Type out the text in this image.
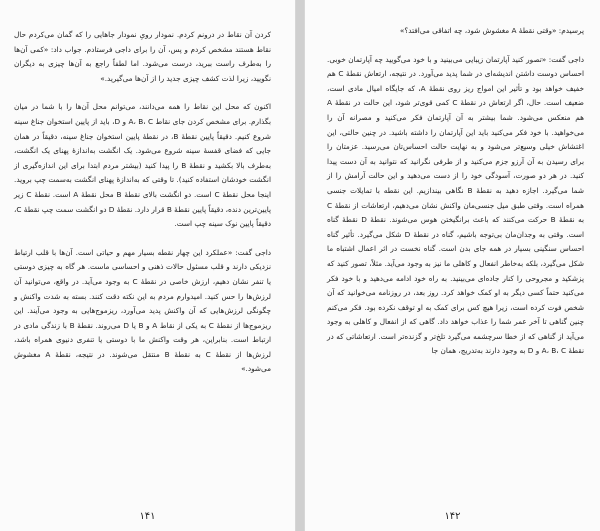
کردن آن نقاط در درونم کردم. نمودار رویِ نمودار جاهایی را که گمان می‌کردم حال نقاط هستند مشخص کردم و پس، آن را برای داجی فرستادم. جواب داد: «کمی آن‌ها را به‌طرف راست ببرید، درست می‌شود. اما لطفاً راجع به آن‌ها چیزی به دیگران نگویید، زیرا لذت کشف چیزی جدید را از آن‌ها می‌گیرید.»

اکنون که محل این نقاط را همه می‌دانند، می‌توانم محل آن‌ها را با شما در میان بگذارم. برای مشخص کردن جای نقاط A، B، C و D، باید از پایین استخوان جناغ سینه شروع کنیم. دقیقاً پایین نقطهٔ B، در نقطهٔ پایین استخوان جناغ سینه، دقیقاً در همان جایی که فضای قفسهٔ سینه شروع می‌شود. یک انگشت به‌اندازهٔ پهنای یک انگشت، به‌طرف بالا بکشید و نقطهٔ B را پیدا کنید (بیشتر مردم ابتدا برای این اندازه‌گیری از انگشت خودشان استفاده کنید). تا وقتی که به‌اندازهٔ پهنای انگشت به‌سمت چپ بروید. اینجا محل نقطهٔ C است. دو انگشت بالای نقطهٔ B محل نقطهٔ A است. نقطهٔ C زیر پایین‌ترین دنده، دقیقاً پایین نقطهٔ B قرار دارد. نقطهٔ D دو انگشت سمت چپ نقطهٔ C، دقیقاً پایین نوک سینه چپ است.

داجی گفت: «عملکرد این چهار نقطه بسیار مهم و حیاتی است. آن‌ها با قلب ارتباط نزدیکی دارند و قلب مسئول حالات ذهنی و احساسی ماست. هر گاه به چیزی دوستی یا تنفر نشان دهیم، ارزش خاصی در نقطهٔ C به وجود می‌آید. در واقع، می‌توانید آن لرزش‌ها را حس کنید. امیدوارم مردم به این نکته دقت کنند. بسته به شدت واکنش و چگونگی لرزش‌هایی که آن واکنش پدید می‌آورد، ریزموج‌هایی به وجود می‌آیند. این ریزموج‌ها از نقطهٔ C به یکی از نقاط A و B یا D می‌روند. نقطهٔ B با زندگی مادی در ارتباط است. بنابراین، هر وقت واکنش ما با دوستی یا تنفری دنیوی همراه باشد، لرزش‌ها از نقطهٔ C به نقطهٔ B منتقل می‌شوند. در نتیجه، نقطهٔ A مغشوش می‌شود.»

۱۴۱

پرسیدم: «وقتی نقطهٔ A مغشوش شود، چه اتفاقی می‌افتد؟»

داجی گفت: «تصور کنید آپارتمان زیبایی می‌بینید و با خود می‌گویید چه آپارتمان خوبی. احساس دوست داشتن اندیشه‌ای در شما پدید می‌آورد. در نتیجه، ارتعاش نقطهٔ C هم خفیف خواهد بود و تأثیر این امواج ریز روی نقطهٔ A، که جایگاه امیال مادی است، ضعیف است. حال، اگر ارتعاش در نقطهٔ C کمی قوی‌تر شود، این حالت در نقطهٔ A هم منعکس می‌شود. شما بیشتر به آن آپارتمان فکر می‌کنید و مصرانه آن را می‌خواهید. با خود فکر می‌کنید باید این آپارتمان را داشته باشید. در چنین حالتی، این اغتشاش خیلی وسیع‌تر می‌شود و به نهایت حالت احساس‌تان می‌رسید. عزمتان را برای رسیدن به آن آرزو جزم می‌کنید و از طرفی نگرانید که نتوانید به آن دست پیدا کنید. در هر دو صورت، آسودگی خود را از دست می‌دهید و این حالت آرامش را از شما می‌گیرد. اجازه دهید به نقطهٔ B نگاهی بیندازیم. این نقطه با تمایلات جنسی همراه است. وقتی طبق میل جنسی‌مان واکنش نشان می‌دهیم، ارتعاشات از نقطهٔ C به نقطهٔ B حرکت می‌کنند که باعث برانگیختن هوس می‌شوند. نقطهٔ D نقطهٔ گناه است. وقتی به وجدان‌مان بی‌توجه باشیم، گناه در نقطهٔ D شکل می‌گیرد. تأثیر گناه احساس سنگینی بسیار در همه جای بدن است. گناه نخست در اثر اعمال اشتباه ما شکل می‌گیرد، بلکه به‌خاطر انفعال و کاهلی ما نیز به وجود می‌آید. مثلاً، تصور کنید که پزشکید و مجروحی را کنار جاده‌ای می‌بینید. به راه خود ادامه می‌دهید و با خود فکر می‌کنید حتماً کسی دیگر به او کمک خواهد کرد. روز بعد، در روزنامه می‌خوانید که آن شخص فوت کرده است، زیرا هیچ کس برای کمک به او توقف نکرده بود. فکر می‌کنم چنین گناهی تا آخر عمر شما را عذاب خواهد داد. گاهی که از انفعال و کاهلی به وجود می‌آید از گناهی که از خطا سرچشمه می‌گیرد تلخ‌تر و گزنده‌تر است. ارتعاشاتی که در نقطهٔ A، B، C و D به وجود دارند به‌تدریج، همان جا

۱۴۲
